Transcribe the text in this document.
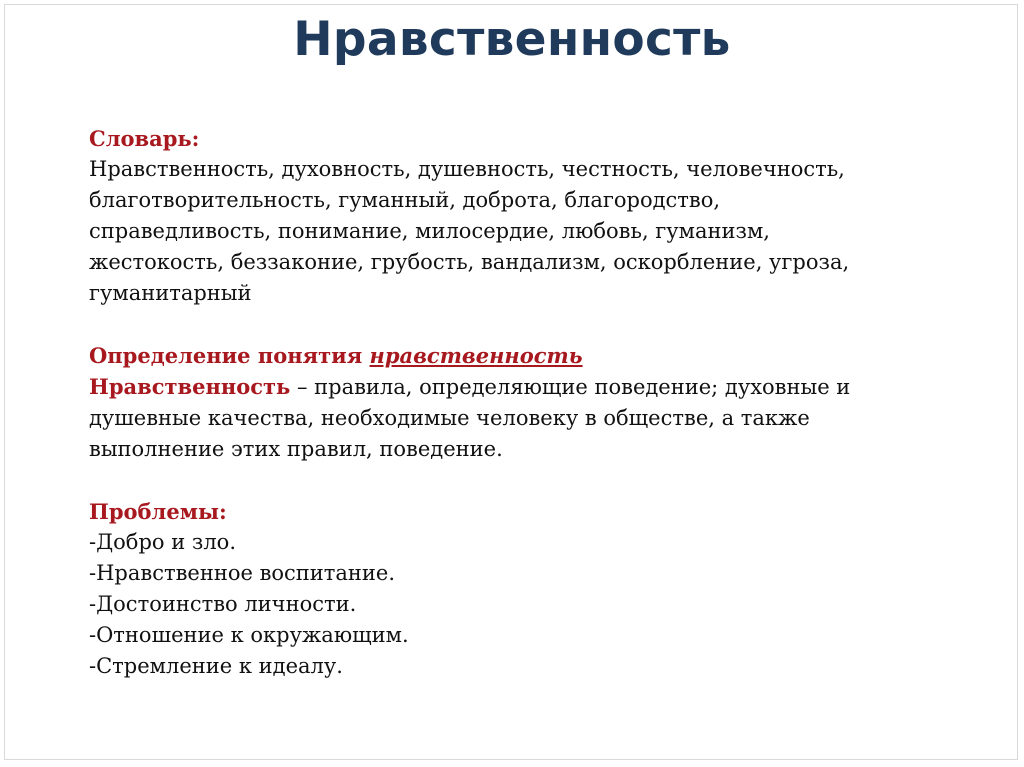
Нравственность
Словарь:
Нравственность, духовность, душевность, честность, человечность,
благотворительность, гуманный, доброта, благородство,
справедливость, понимание, милосердие, любовь, гуманизм,
жестокость, беззаконие, грубость, вандализм, оскорбление, угроза,
гуманитарный
Определение понятия нравственность
Нравственность – правила, определяющие поведение; духовные и
душевные качества, необходимые человеку в обществе, а также
выполнение этих правил, поведение.
Проблемы:
-Добро и зло.
-Нравственное воспитание.
-Достоинство личности.
-Отношение к окружающим.
-Стремление к идеалу.
